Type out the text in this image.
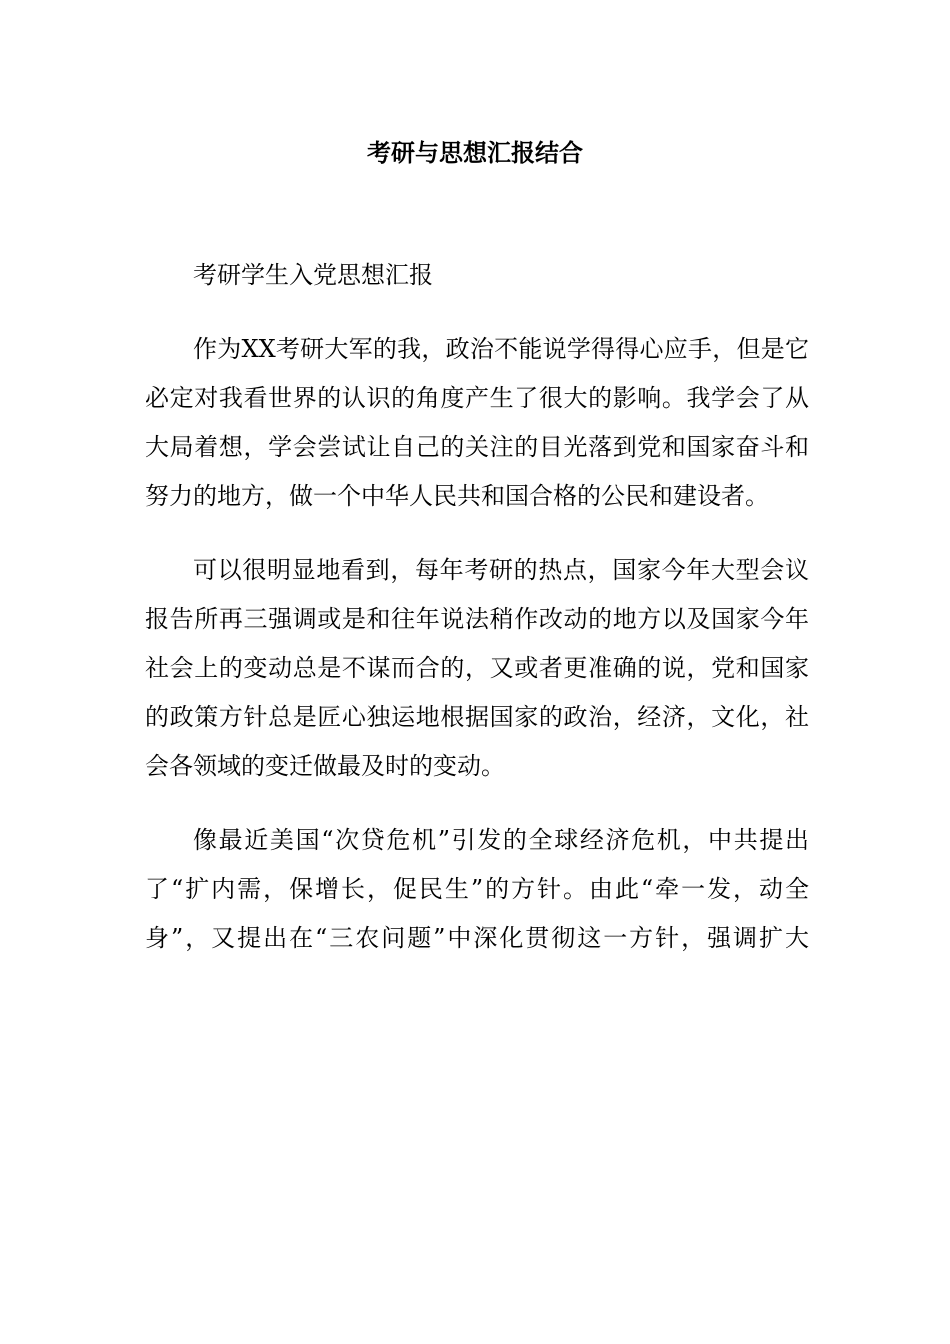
考研与思想汇报结合
考研学生入党思想汇报
作为XX考研大军的我，政治不能说学得得心应手，但是它
必定对我看世界的认识的角度产生了很大的影响。我学会了从
大局着想，学会尝试让自己的关注的目光落到党和国家奋斗和
努力的地方，做一个中华人民共和国合格的公民和建设者。
可以很明显地看到，每年考研的热点，国家今年大型会议
报告所再三强调或是和往年说法稍作改动的地方以及国家今年
社会上的变动总是不谋而合的，又或者更准确的说，党和国家
的政策方针总是匠心独运地根据国家的政治，经济，文化，社
会各领域的变迁做最及时的变动。
像最近美国“次贷危机”引发的全球经济危机，中共提出
了“扩内需，保增长，促民生”的方针。由此“牵一发，动全
身”，又提出在“三农问题”中深化贯彻这一方针，强调扩大
